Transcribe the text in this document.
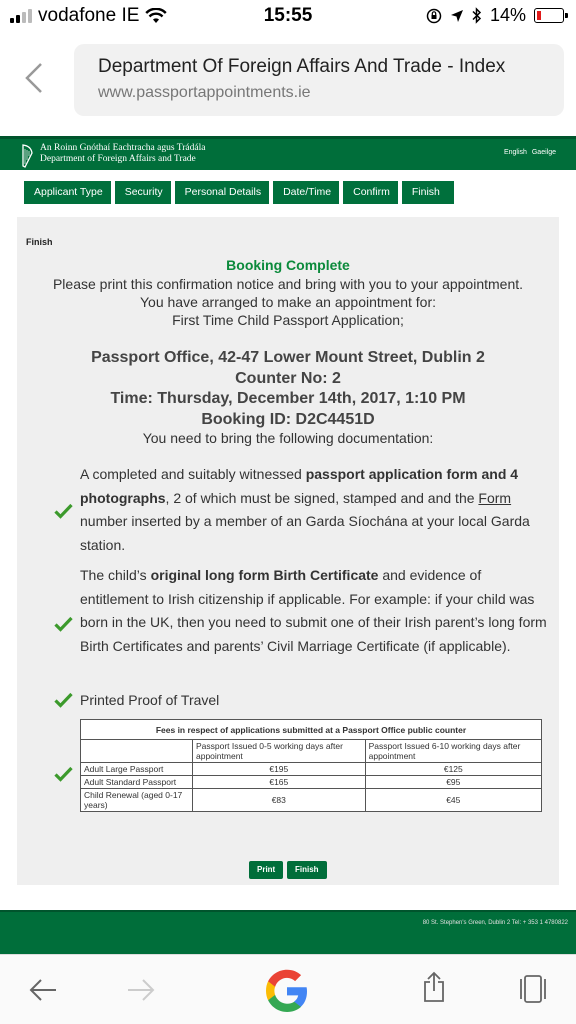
vodafone IE	15:55	14%
Department Of Foreign Affairs And Trade - Index
www.passportappointments.ie
An Roinn Gnóthaí Eachtracha agus Trádála
Department of Foreign Affairs and Trade
English Gaeilge
Applicant Type	Security	Personal Details	Date/Time	Confirm	Finish
Finish
Booking Complete
Please print this confirmation notice and bring with you to your appointment.
You have arranged to make an appointment for:
First Time Child Passport Application;
Passport Office, 42-47 Lower Mount Street, Dublin 2
Counter No: 2
Time: Thursday, December 14th, 2017, 1:10 PM
Booking ID: D2C4451D
You need to bring the following documentation:
A completed and suitably witnessed passport application form and 4 photographs, 2 of which must be signed, stamped and and the Form number inserted by a member of an Garda Síochána at your local Garda station.
The child’s original long form Birth Certificate and evidence of entitlement to Irish citizenship if applicable. For example: if your child was born in the UK, then you need to submit one of their Irish parent’s long form Birth Certificates and parents’ Civil Marriage Certificate (if applicable).
Printed Proof of Travel
Fees in respect of applications submitted at a Passport Office public counter		
	Passport Issued 0-5 working days after appointment	Passport Issued 6-10 working days after appointment
Adult Large Passport	€195	€125
Adult Standard Passport	€165	€95
Child Renewal (aged 0-17 years)	€83	€45
Print	Finish
80 St. Stephen's Green, Dublin 2 Tel: + 353 1 4780822
